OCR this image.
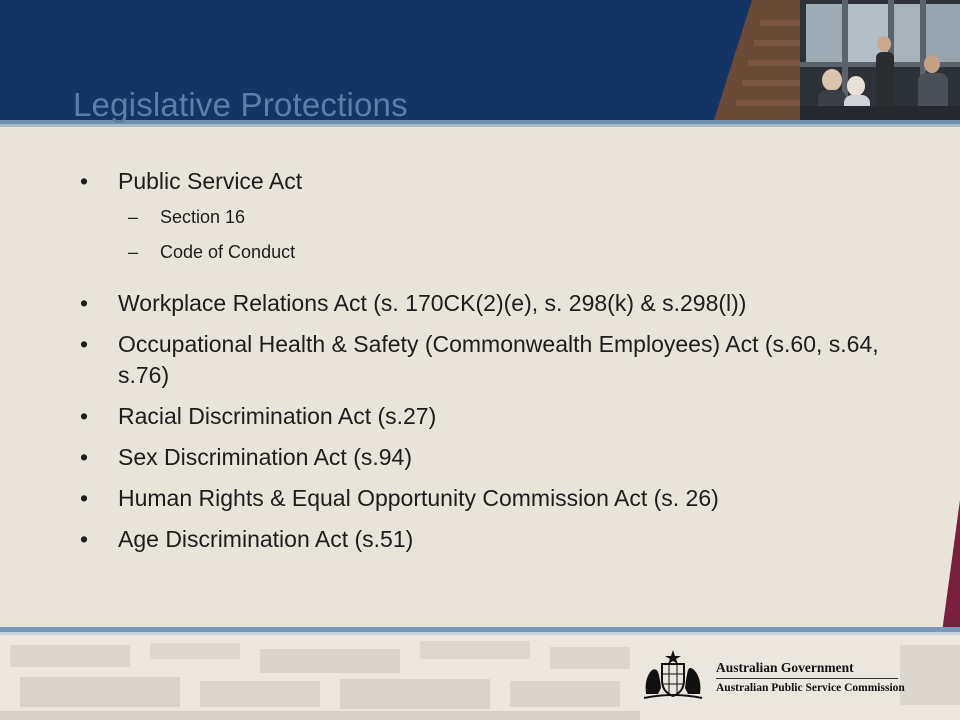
Legislative Protections
• Public Service Act
– Section 16
– Code of Conduct
• Workplace Relations Act (s. 170CK(2)(e), s. 298(k) & s.298(l))
• Occupational Health & Safety (Commonwealth Employees) Act (s.60, s.64, s.76)
• Racial Discrimination Act (s.27)
• Sex Discrimination Act (s.94)
• Human Rights & Equal Opportunity Commission Act (s. 26)
• Age Discrimination Act (s.51)
Australian Government
Australian Public Service Commission
